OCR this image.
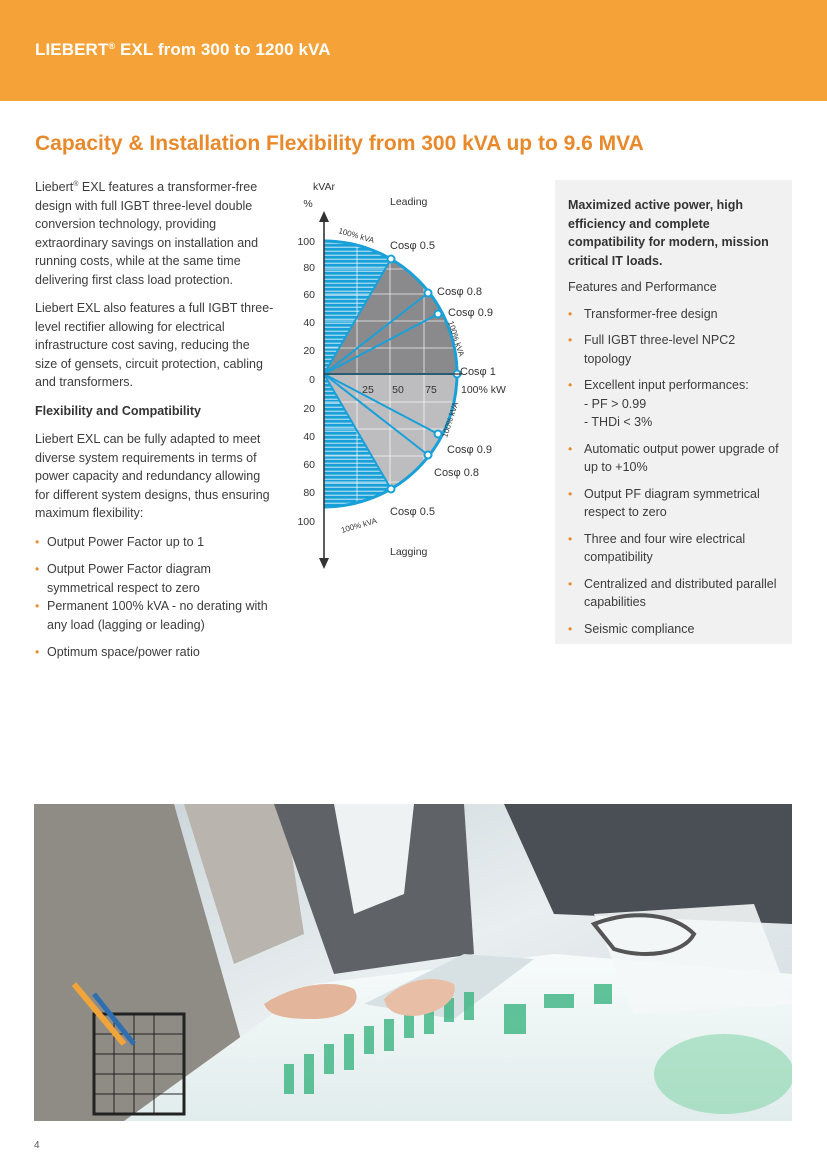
LIEBERT® EXL from 300 to 1200 kVA
Capacity & Installation Flexibility from 300 kVA up to 9.6 MVA

Liebert® EXL features a transformer-free design with full IGBT three-level double conversion technology, providing extraordinary savings on installation and running costs, while at the same time delivering first class load protection.

Liebert EXL also features a full IGBT three-level rectifier allowing for electrical infrastructure cost saving, reducing the size of gensets, circuit protection, cabling and transformers.

Flexibility and Compatibility

Liebert EXL can be fully adapted to meet diverse system requirements in terms of power capacity and redundancy allowing for different system designs, thus ensuring maximum flexibility:

• Output Power Factor up to 1
• Output Power Factor diagram symmetrical respect to zero
• Permanent 100% kVA - no derating with any load (lagging or leading)
• Optimum space/power ratio
kVAr
%	Leading
Lagging
100
80
60
40
20
0
20
40
60
80
100
25 50 75 100% kW
100% kVA
100% kVA
100% kVA
100% kVA
Cosφ 0.5
Cosφ 0.8
Cosφ 0.9
Cosφ 1
Cosφ 0.9
Cosφ 0.8
Cosφ 0.5
Maximized active power, high efficiency and complete compatibility for modern, mission critical IT loads.
Features and Performance
• Transformer-free design
• Full IGBT three-level NPC2 topology
• Excellent input performances:
- PF > 0.99
- THDi < 3%
• Automatic output power upgrade of up to +10%
• Output PF diagram symmetrical respect to zero
• Three and four wire electrical compatibility
• Centralized and distributed parallel capabilities
• Seismic compliance
4
